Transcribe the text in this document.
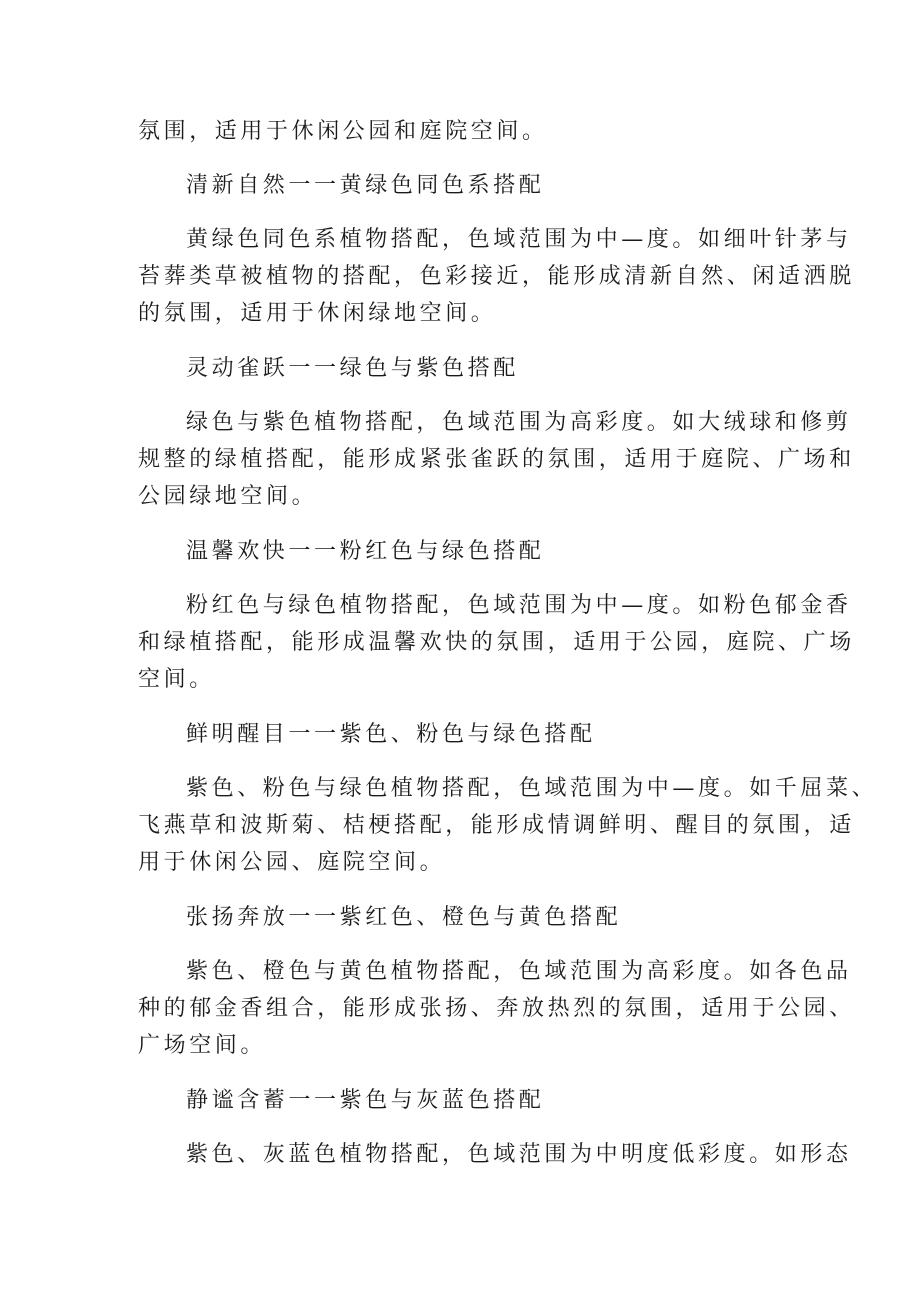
氛围，适用于休闲公园和庭院空间。
清新自然一一黄绿色同色系搭配
黄绿色同色系植物搭配，色域范围为中—度。如细叶针茅与
苔葬类草被植物的搭配，色彩接近，能形成清新自然、闲适洒脱
的氛围，适用于休闲绿地空间。
灵动雀跃一一绿色与紫色搭配
绿色与紫色植物搭配，色域范围为高彩度。如大绒球和修剪
规整的绿植搭配，能形成紧张雀跃的氛围，适用于庭院、广场和
公园绿地空间。
温馨欢快一一粉红色与绿色搭配
粉红色与绿色植物搭配，色域范围为中—度。如粉色郁金香
和绿植搭配，能形成温馨欢快的氛围，适用于公园，庭院、广场
空间。
鲜明醒目一一紫色、粉色与绿色搭配
紫色、粉色与绿色植物搭配，色域范围为中—度。如千屈菜、
飞燕草和波斯菊、桔梗搭配，能形成情调鲜明、醒目的氛围，适
用于休闲公园、庭院空间。
张扬奔放一一紫红色、橙色与黄色搭配
紫色、橙色与黄色植物搭配，色域范围为高彩度。如各色品
种的郁金香组合，能形成张扬、奔放热烈的氛围，适用于公园、
广场空间。
静谧含蓄一一紫色与灰蓝色搭配
紫色、灰蓝色植物搭配，色域范围为中明度低彩度。如形态
